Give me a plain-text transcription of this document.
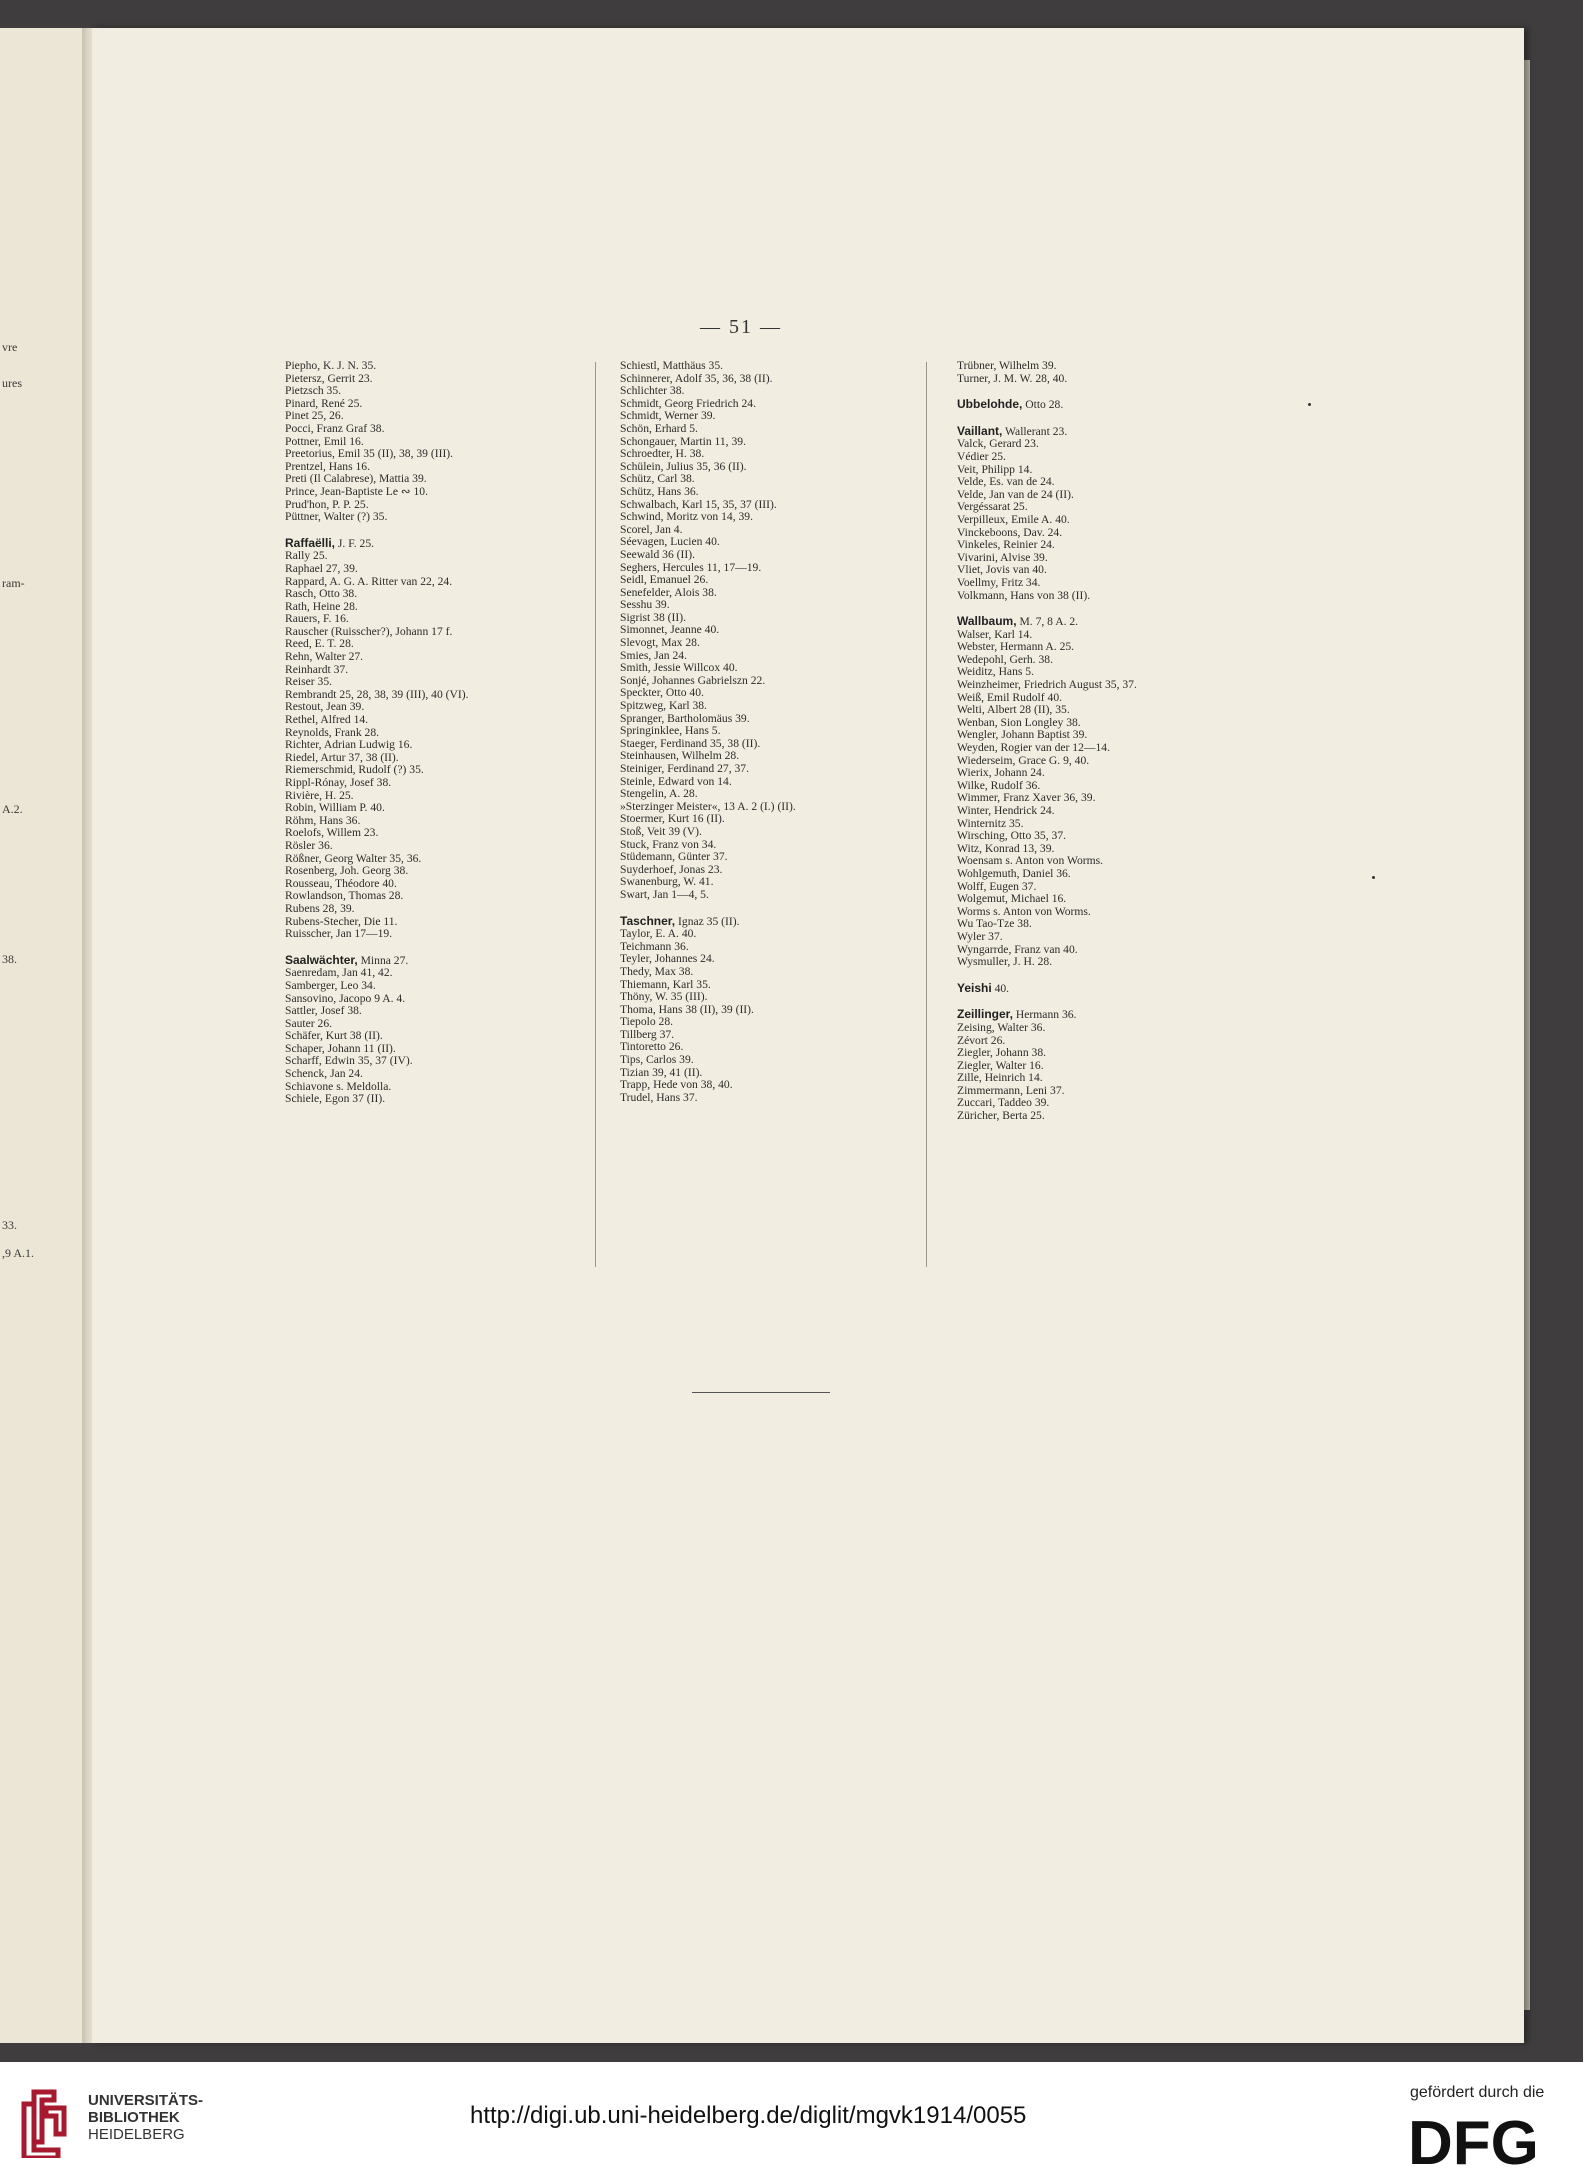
vre
ures
ram-
A.2.
38.
33.
,9 A.1.
— 51 —
Piepho, K. J. N. 35.
Pietersz, Gerrit 23.
Pietzsch 35.
Pinard, René 25.
Pinet 25, 26.
Pocci, Franz Graf 38.
Pottner, Emil 16.
Preetorius, Emil 35 (II), 38, 39 (III).
Prentzel, Hans 16.
Preti (Il Calabrese), Mattia 39.
Prince, Jean-Baptiste Le ∾ 10.
Prud'hon, P. P. 25.
Püttner, Walter (?) 35.
Raffaëlli, J. F. 25.
Rally 25.
Raphael 27, 39.
Rappard, A. G. A. Ritter van 22, 24.
Rasch, Otto 38.
Rath, Heine 28.
Rauers, F. 16.
Rauscher (Ruisscher?), Johann 17 f.
Reed, E. T. 28.
Rehn, Walter 27.
Reinhardt 37.
Reiser 35.
Rembrandt 25, 28, 38, 39 (III), 40 (VI).
Restout, Jean 39.
Rethel, Alfred 14.
Reynolds, Frank 28.
Richter, Adrian Ludwig 16.
Riedel, Artur 37, 38 (II).
Riemerschmid, Rudolf (?) 35.
Rippl-Rónay, Josef 38.
Rivière, H. 25.
Robin, William P. 40.
Röhm, Hans 36.
Roelofs, Willem 23.
Rösler 36.
Rößner, Georg Walter 35, 36.
Rosenberg, Joh. Georg 38.
Rousseau, Théodore 40.
Rowlandson, Thomas 28.
Rubens 28, 39.
Rubens-Stecher, Die 11.
Ruisscher, Jan 17—19.
Saalwächter, Minna 27.
Saenredam, Jan 41, 42.
Samberger, Leo 34.
Sansovino, Jacopo 9 A. 4.
Sattler, Josef 38.
Sauter 26.
Schäfer, Kurt 38 (II).
Schaper, Johann 11 (II).
Scharff, Edwin 35, 37 (IV).
Schenck, Jan 24.
Schiavone s. Meldolla.
Schiele, Egon 37 (II).
Schiestl, Matthäus 35.
Schinnerer, Adolf 35, 36, 38 (II).
Schlichter 38.
Schmidt, Georg Friedrich 24.
Schmidt, Werner 39.
Schön, Erhard 5.
Schongauer, Martin 11, 39.
Schroedter, H. 38.
Schülein, Julius 35, 36 (II).
Schütz, Carl 38.
Schütz, Hans 36.
Schwalbach, Karl 15, 35, 37 (III).
Schwind, Moritz von 14, 39.
Scorel, Jan 4.
Séevagen, Lucien 40.
Seewald 36 (II).
Seghers, Hercules 11, 17—19.
Seidl, Emanuel 26.
Senefelder, Alois 38.
Sesshu 39.
Sigrist 38 (II).
Simonnet, Jeanne 40.
Slevogt, Max 28.
Smies, Jan 24.
Smith, Jessie Willcox 40.
Sonjé, Johannes Gabrielszn 22.
Speckter, Otto 40.
Spitzweg, Karl 38.
Spranger, Bartholomäus 39.
Springinklee, Hans 5.
Staeger, Ferdinand 35, 38 (II).
Steinhausen, Wilhelm 28.
Steiniger, Ferdinand 27, 37.
Steinle, Edward von 14.
Stengelin, A. 28.
»Sterzinger Meister«, 13 A. 2 (I.) (II).
Stoermer, Kurt 16 (II).
Stoß, Veit 39 (V).
Stuck, Franz von 34.
Stüdemann, Günter 37.
Suyderhoef, Jonas 23.
Swanenburg, W. 41.
Swart, Jan 1—4, 5.
Taschner, Ignaz 35 (II).
Taylor, E. A. 40.
Teichmann 36.
Teyler, Johannes 24.
Thedy, Max 38.
Thiemann, Karl 35.
Thöny, W. 35 (III).
Thoma, Hans 38 (II), 39 (II).
Tiepolo 28.
Tillberg 37.
Tintoretto 26.
Tips, Carlos 39.
Tizian 39, 41 (II).
Trapp, Hede von 38, 40.
Trudel, Hans 37.
Trübner, Wilhelm 39.
Turner, J. M. W. 28, 40.
Ubbelohde, Otto 28.
Vaillant, Wallerant 23.
Valck, Gerard 23.
Védier 25.
Veit, Philipp 14.
Velde, Es. van de 24.
Velde, Jan van de 24 (II).
Vergéssarat 25.
Verpilleux, Emile A. 40.
Vinckeboons, Dav. 24.
Vinkeles, Reinier 24.
Vivarini, Alvise 39.
Vliet, Jovis van 40.
Voellmy, Fritz 34.
Volkmann, Hans von 38 (II).
Wallbaum, M. 7, 8 A. 2.
Walser, Karl 14.
Webster, Hermann A. 25.
Wedepohl, Gerh. 38.
Weiditz, Hans 5.
Weinzheimer, Friedrich August 35, 37.
Weiß, Emil Rudolf 40.
Welti, Albert 28 (II), 35.
Wenban, Sion Longley 38.
Wengler, Johann Baptist 39.
Weyden, Rogier van der 12—14.
Wiederseim, Grace G. 9, 40.
Wierix, Johann 24.
Wilke, Rudolf 36.
Wimmer, Franz Xaver 36, 39.
Winter, Hendrick 24.
Winternitz 35.
Wirsching, Otto 35, 37.
Witz, Konrad 13, 39.
Woensam s. Anton von Worms.
Wohlgemuth, Daniel 36.
Wolff, Eugen 37.
Wolgemut, Michael 16.
Worms s. Anton von Worms.
Wu Tao-Tze 38.
Wyler 37.
Wyngarrde, Franz van 40.
Wysmuller, J. H. 28.
Yeishi 40.
Zeillinger, Hermann 36.
Zeising, Walter 36.
Zévort 26.
Ziegler, Johann 38.
Ziegler, Walter 16.
Zille, Heinrich 14.
Zimmermann, Leni 37.
Zuccari, Taddeo 39.
Züricher, Berta 25.
UNIVERSITÄTS-
BIBLIOTHEK
HEIDELBERG
http://digi.ub.uni-heidelberg.de/diglit/mgvk1914/0055
gefördert durch die
DFG
